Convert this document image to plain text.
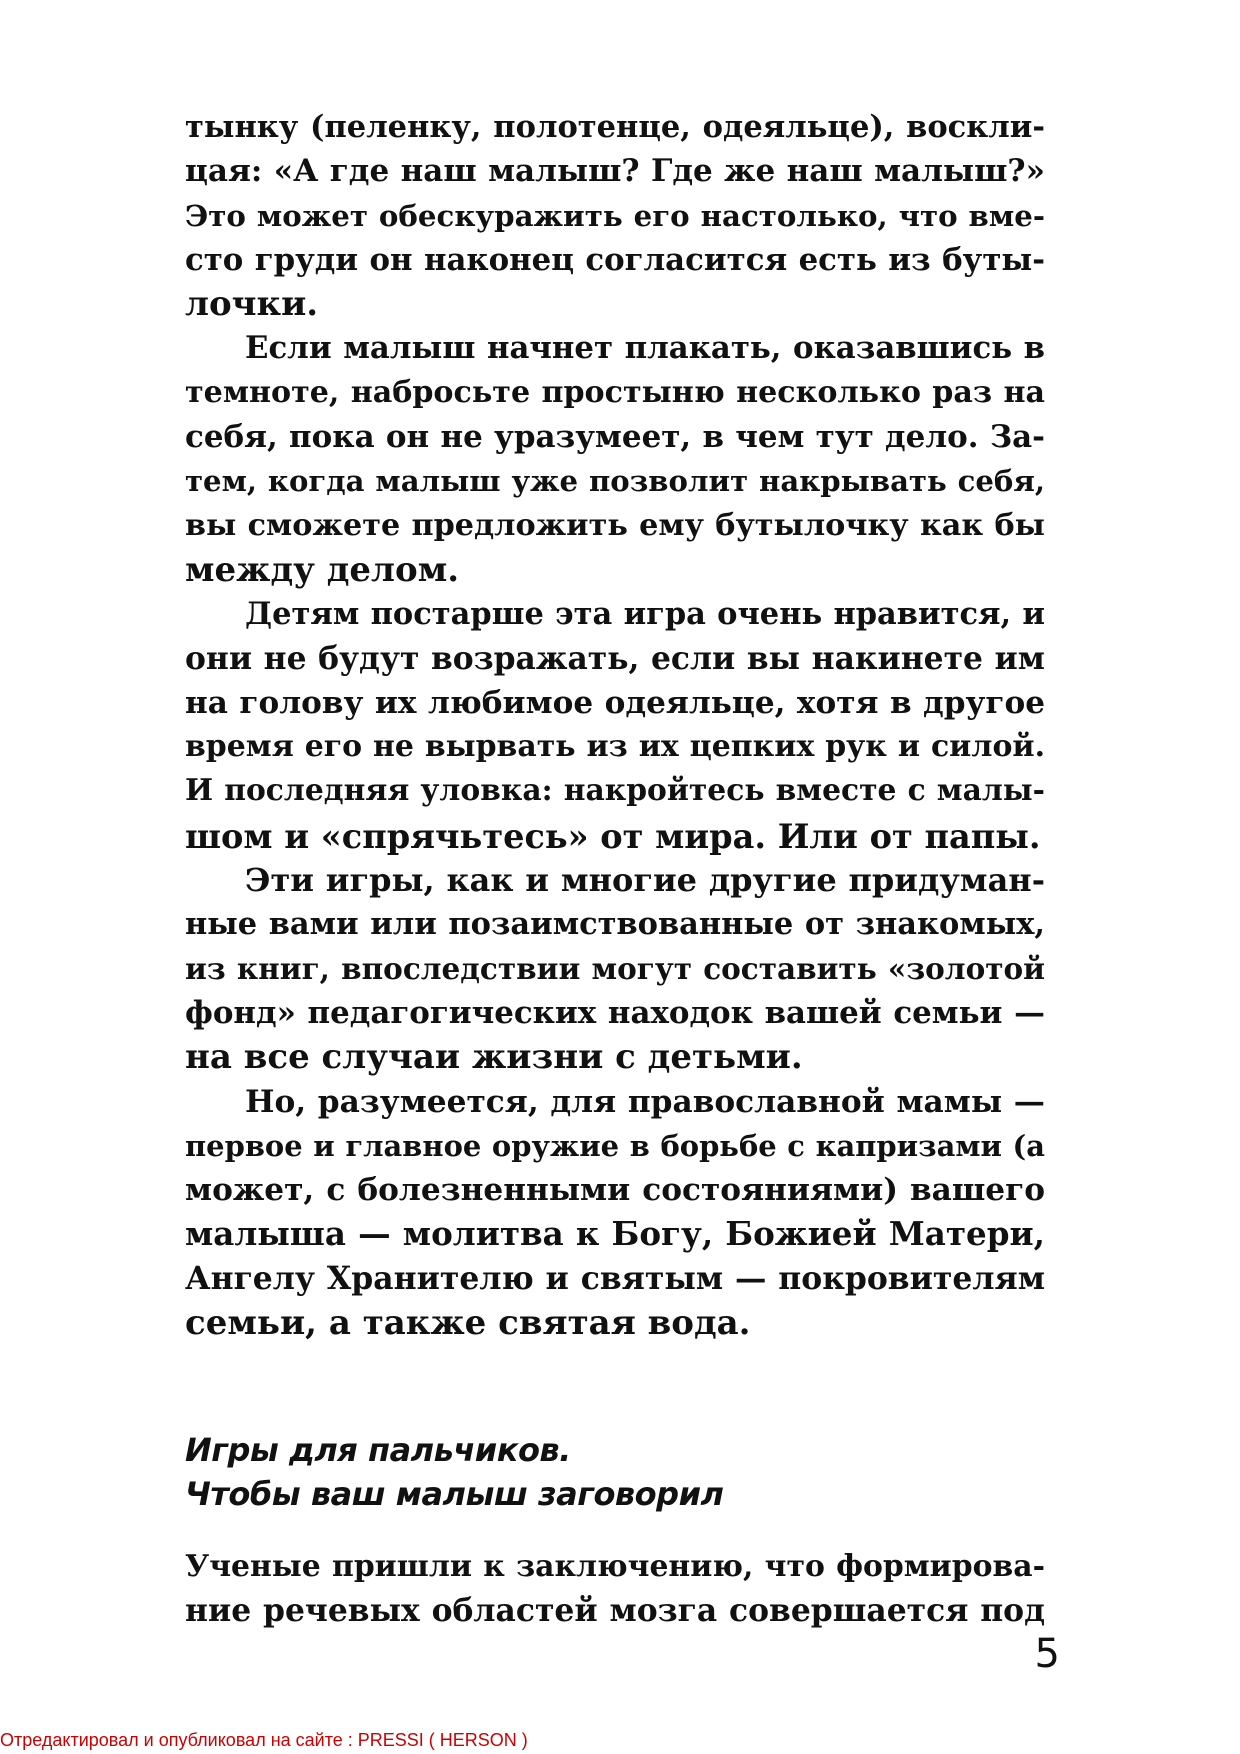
тынку (пеленку, полотенце, одеяльце), воскли-
цая: «А где наш малыш? Где же наш малыш?»
Это может обескуражить его настолько, что вме-
сто груди он наконец согласится есть из буты-
лочки.
Если малыш начнет плакать, оказавшись в
темноте, набросьте простыню несколько раз на
себя, пока он не уразумеет, в чем тут дело. За-
тем, когда малыш уже позволит накрывать себя,
вы сможете предложить ему бутылочку как бы
между делом.
Детям постарше эта игра очень нравится, и
они не будут возражать, если вы накинете им
на голову их любимое одеяльце, хотя в другое
время его не вырвать из их цепких рук и силой.
И последняя уловка: накройтесь вместе с малы-
шом и «спрячьтесь» от мира. Или от папы.
Эти игры, как и многие другие придуман-
ные вами или позаимствованные от знакомых,
из книг, впоследствии могут составить «золотой
фонд» педагогических находок вашей семьи —
на все случаи жизни с детьми.
Но, разумеется, для православной мамы —
первое и главное оружие в борьбе с капризами (а
может, с болезненными состояниями) вашего
малыша — молитва к Богу, Божией Матери,
Ангелу Хранителю и святым — покровителям
семьи, а также святая вода.
Игры для пальчиков.
Чтобы ваш малыш заговорил
Ученые пришли к заключению, что формирова-
ние речевых областей мозга совершается под
5
Отредактировал и опубликовал на сайте : PRESSI ( HERSON )
